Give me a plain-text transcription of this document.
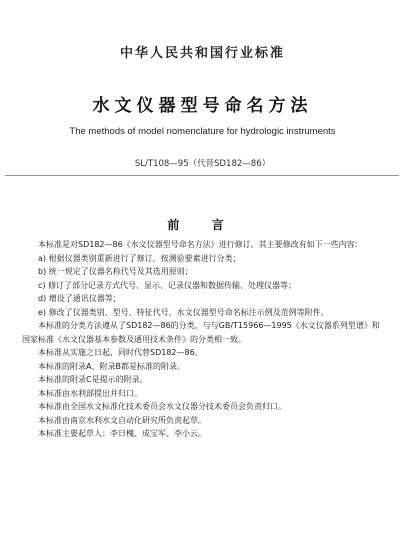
中华人民共和国行业标准
水文仪器型号命名方法
The methods of model nomenclature for hydrologic instruments
SL/T108—95（代替SD182—86）
前 言

本标准是对SD182—86《水文仪器型号命名方法》进行修订。其主要修改有如下一些内容：

a) 根据仪器类别重新进行了修订，按测验要素进行分类；

b) 统一规定了仪器名称代号及其选用原则；

c) 修订了部分记录方式代号、显示、记录仪器和数据传输、处理仪器等；

d) 增设了通讯仪器等；

e) 修改了仪器类别、型号、特征代号，水文仪器型号命名标注示例及范例等附件。

本标准的分类方法遵从了SD182—86的分类，与与GB/T15966—1995《水文仪器系列型谱》和国家标准《水文仪器基本参数及通用技术条件》的分类相一致。

本标准从实施之日起，同时代替SD182—86。

本标准的附录A、附录B都是标准的附录。

本标准的附录C是提示的附录。

本标准由水利部提出并归口。

本标准由全国水文标准化技术委员会水文仪器分技术委员会负责归口。

本标准由南京水利水文自动化研究所负责起草。

本标准主要起草人：李日槐、成宝军、李小云。
